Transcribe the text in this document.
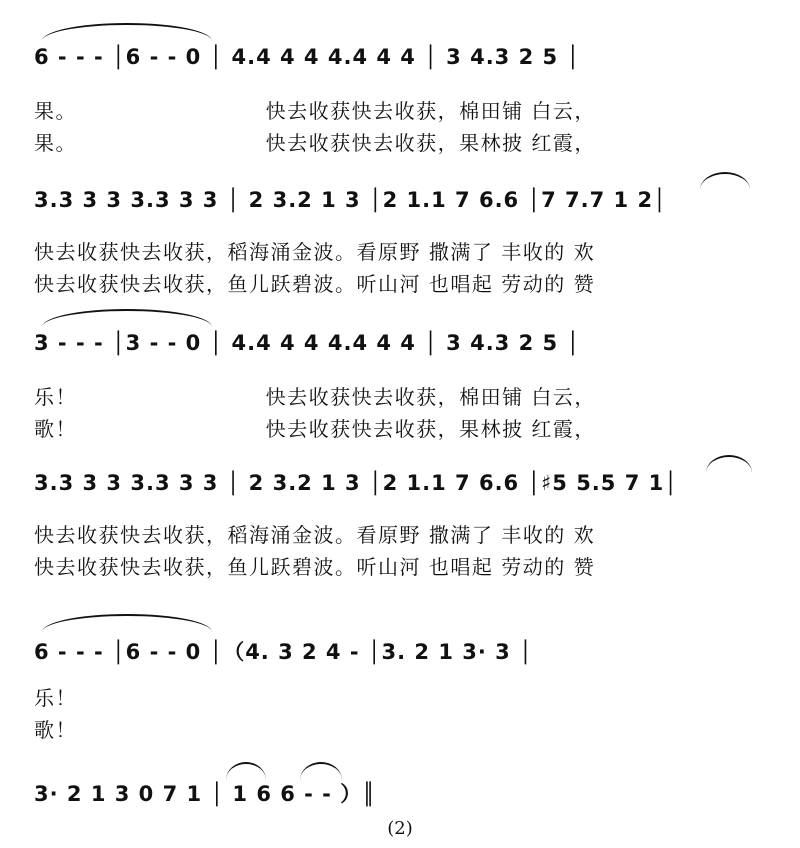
6 - - - │6 - - 0 │ 4.4 4 4 4.4 4 4 │ 3 4.3 2 5 │
果。                        快去收获快去收获，棉田铺 白云，
果。                        快去收获快去收获，果林披 红霞，
3.3 3 3 3.3 3 3 │ 2 3.2 1 3 │2 1.1 7 6.6 │7 7.7 1 2│
快去收获快去收获，稻海涌金波。看原野 撒满了 丰收的 欢
快去收获快去收获，鱼儿跃碧波。听山河 也唱起 劳动的 赞
3 - - - │3 - - 0 │ 4.4 4 4 4.4 4 4 │ 3 4.3 2 5 │
乐！                        快去收获快去收获，棉田铺 白云，
歌！                        快去收获快去收获，果林披 红霞，
3.3 3 3 3.3 3 3 │ 2 3.2 1 3 │2 1.1 7 6.6 │♯5 5.5 7 1│
快去收获快去收获，稻海涌金波。看原野 撒满了 丰收的 欢
快去收获快去收获，鱼儿跃碧波。听山河 也唱起 劳动的 赞
6 - - - │6 - - 0 │（4. 3 2 4 - │3. 2 1 3· 3 │
乐！
歌！
3· 2 1 3 0 7 1 │ 1 6 6 - - ）║
(2)
